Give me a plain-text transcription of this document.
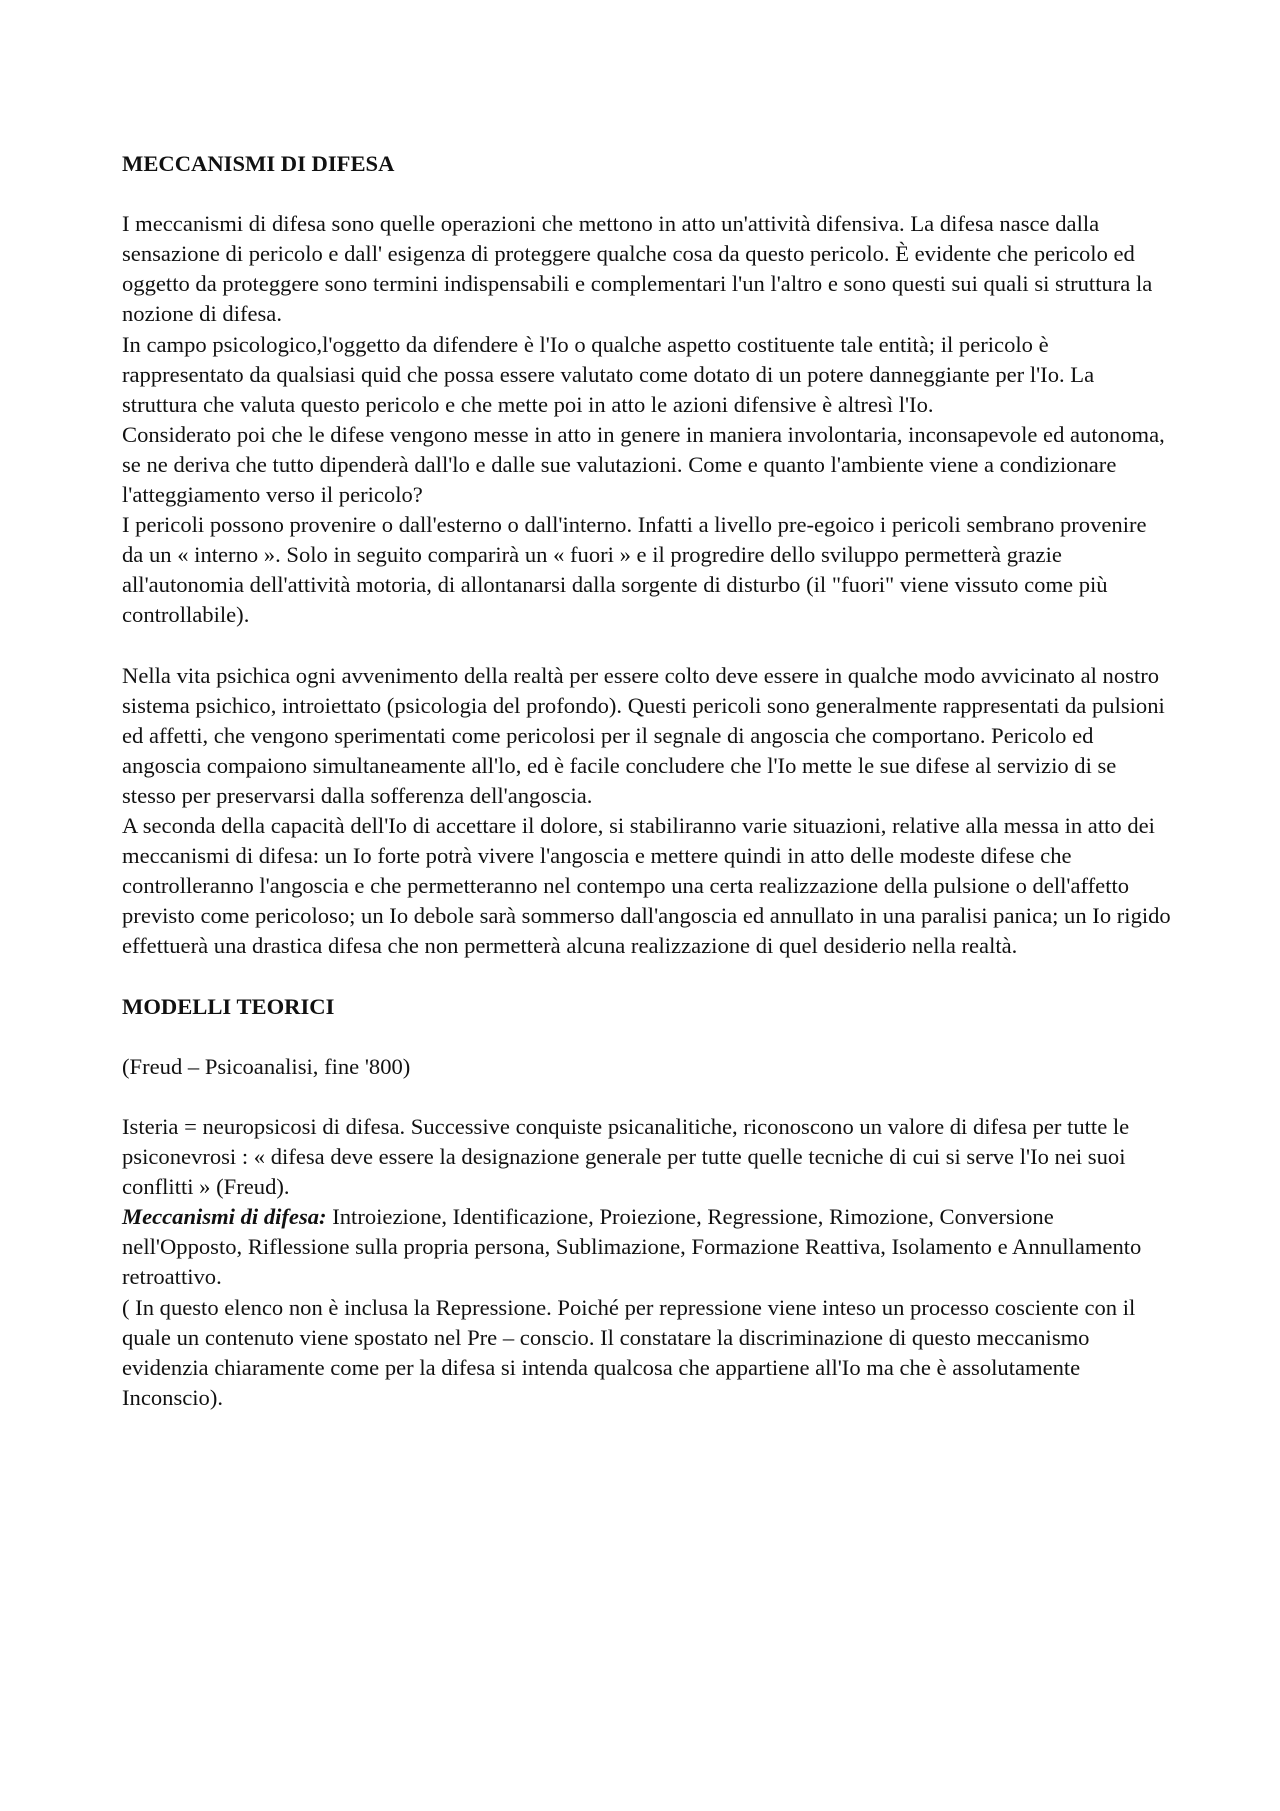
MECCANISMI DI DIFESA

I meccanismi di difesa sono quelle operazioni che mettono in atto un'attività difensiva. La difesa nasce dalla sensazione di pericolo e dall' esigenza di proteggere qualche cosa da questo pericolo. È evidente che pericolo ed oggetto da proteggere sono termini indispensabili e complementari l'un l'altro e sono questi sui quali si struttura la nozione di difesa.

In campo psicologico,l'oggetto da difendere è l'Io o qualche aspetto costituente tale entità; il pericolo è rappresentato da qualsiasi quid che possa essere valutato come dotato di un potere danneggiante per l'Io. La struttura che valuta questo pericolo e che mette poi in atto le azioni difensive è altresì l'Io.

Considerato poi che le difese vengono messe in atto in genere in maniera involontaria, inconsapevole ed autonoma, se ne deriva che tutto dipenderà dall'lo e dalle sue valutazioni. Come e quanto l'ambiente viene a condizionare l'atteggiamento verso il pericolo?

I pericoli possono provenire o dall'esterno o dall'interno. Infatti a livello pre-egoico i pericoli sembrano provenire da un « interno ». Solo in seguito comparirà un « fuori » e il progredire dello sviluppo permetterà grazie all'autonomia dell'attività motoria, di allontanarsi dalla sorgente di disturbo (il "fuori" viene vissuto come più controllabile).

Nella vita psichica ogni avvenimento della realtà per essere colto deve essere in qualche modo avvicinato al nostro sistema psichico, introiettato (psicologia del profondo). Questi pericoli sono generalmente rappresentati da pulsioni ed affetti, che vengono sperimentati come pericolosi per il segnale di angoscia che comportano. Pericolo ed angoscia compaiono simultaneamente all'lo, ed è facile concludere che l'Io mette le sue difese al servizio di se stesso per preservarsi dalla sofferenza dell'angoscia.

A seconda della capacità dell'Io di accettare il dolore, si stabiliranno varie situazioni, relative alla messa in atto dei meccanismi di difesa: un Io forte potrà vivere l'angoscia e mettere quindi in atto delle modeste difese che controlleranno l'angoscia e che permetteranno nel contempo una certa realizzazione della pulsione o dell'affetto previsto come pericoloso; un Io debole sarà sommerso dall'angoscia ed annullato in una paralisi panica; un Io rigido effettuerà una drastica difesa che non permetterà alcuna realizzazione di quel desiderio nella realtà.

MODELLI TEORICI

(Freud – Psicoanalisi, fine '800)

Isteria = neuropsicosi di difesa. Successive conquiste psicanalitiche, riconoscono un valore di difesa per tutte le psiconevrosi : « difesa deve essere la designazione generale per tutte quelle tecniche di cui si serve l'Io nei suoi conflitti » (Freud).

Meccanismi di difesa: Introiezione, Identificazione, Proiezione, Regressione, Rimozione, Conversione nell'Opposto, Riflessione sulla propria persona, Sublimazione, Formazione Reattiva, Isolamento e Annullamento retroattivo.

( In questo elenco non è inclusa la Repressione. Poiché per repressione viene inteso un processo cosciente con il quale un contenuto viene spostato nel Pre – conscio. Il constatare la discriminazione di questo meccanismo evidenzia chiaramente come per la difesa si intenda qualcosa che appartiene all'Io ma che è assolutamente Inconscio).
